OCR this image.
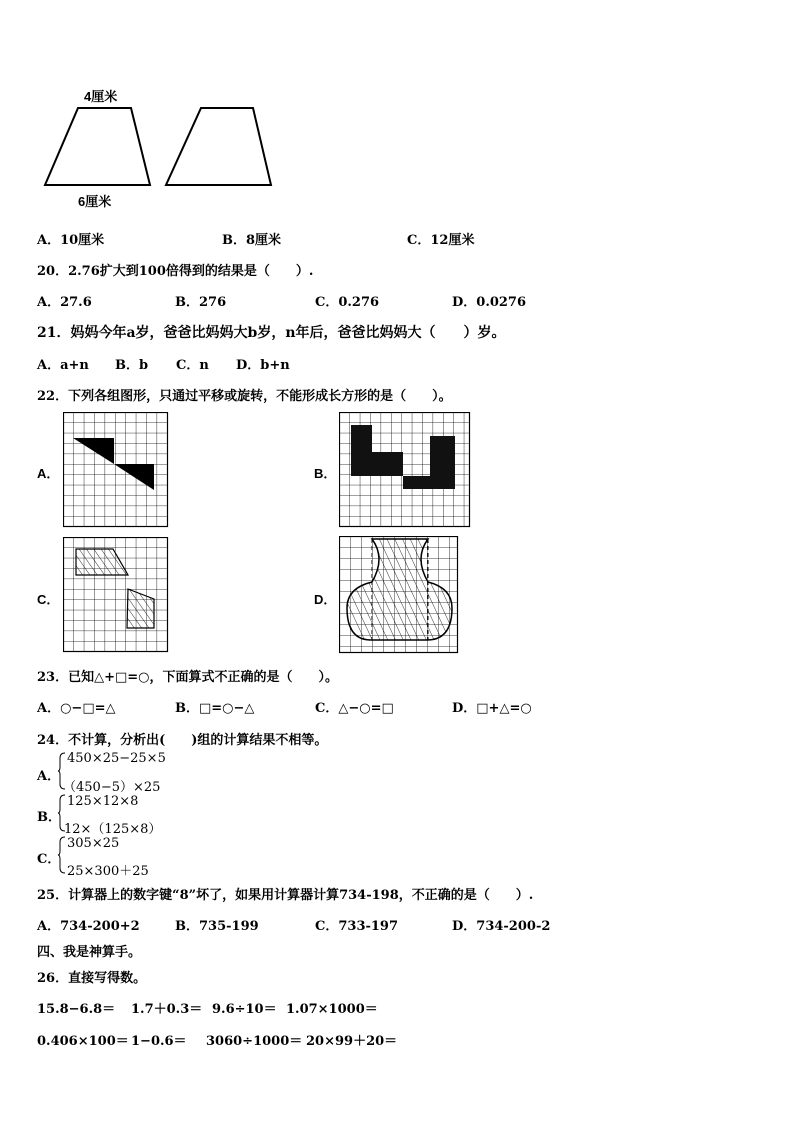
4厘米
6厘米
A．10厘米	B．8厘米	C．12厘米
20．2.76扩大到100倍得到的结果是（　　）.
A．27.6	B．276	C．0.276	D．0.0276
21．妈妈今年a岁，爸爸比妈妈大b岁，n年后，爸爸比妈妈大（　　）岁。
A．a+n B．b C．n D．b+n
22．下列各组图形，只通过平移或旋转，不能形成长方形的是（　　）。
A．	B．
C．	D．
23．已知△+□=○，下面算式不正确的是（　　）。
A．○−□=△	B．□=○−△	C．△−○=□	D．□+△=○
24．不计算，分析出(　　)组的计算结果不相等。
A．
450×25−25×5
（450−5）×25
B．
125×12×8
12×（125×8）
C．
305×25
25×300＋25
25．计算器上的数字键“8”坏了，如果用计算器计算734-198，不正确的是（　　）.
A．734-200+2	B．735-199	C．733-197	D．734-200-2
四、我是神算手。
26．直接写得数。
15.8−6.8＝ 1.7＋0.3＝ 9.6÷10＝ 1.07×1000＝
0.406×100＝ 1−0.6＝ 3060÷1000＝ 20×99＋20＝
